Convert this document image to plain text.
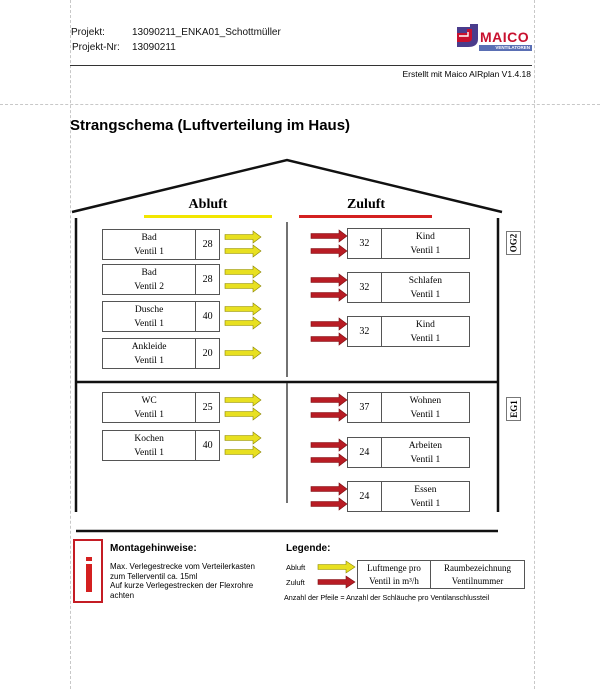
Projekt:	13090211_ENKA01_Schottmüller
Projekt-Nr: 13090211
MAICO
VENTILATOREN
Erstellt mit Maico AIRplan V1.4.18
Strangschema (Luftverteilung im Haus)
Abluft	Zuluft
OG2
EG1
Bad
Ventil 1
28
Bad
Ventil 2
28
Dusche
Ventil 1
40
Ankleide
Ventil 1
20
32
Kind
Ventil 1
32
Schlafen
Ventil 1
32
Kind
Ventil 1
WC
Ventil 1
25
Kochen
Ventil 1
40
37
Wohnen
Ventil 1
24
Arbeiten
Ventil 1
24
Essen
Ventil 1
Montagehinweise:
Max. Verlegestrecke vom Verteilerkasten
zum Tellerventil ca. 15ml
Auf kurze Verlegestrecken der Flexrohre
achten
Legende:
Abluft
Zuluft
Luftmenge pro
Ventil in m³/h
Raumbezeichnung
Ventilnummer
Anzahl der Pfeile = Anzahl der Schläuche pro Ventilanschlussteil
